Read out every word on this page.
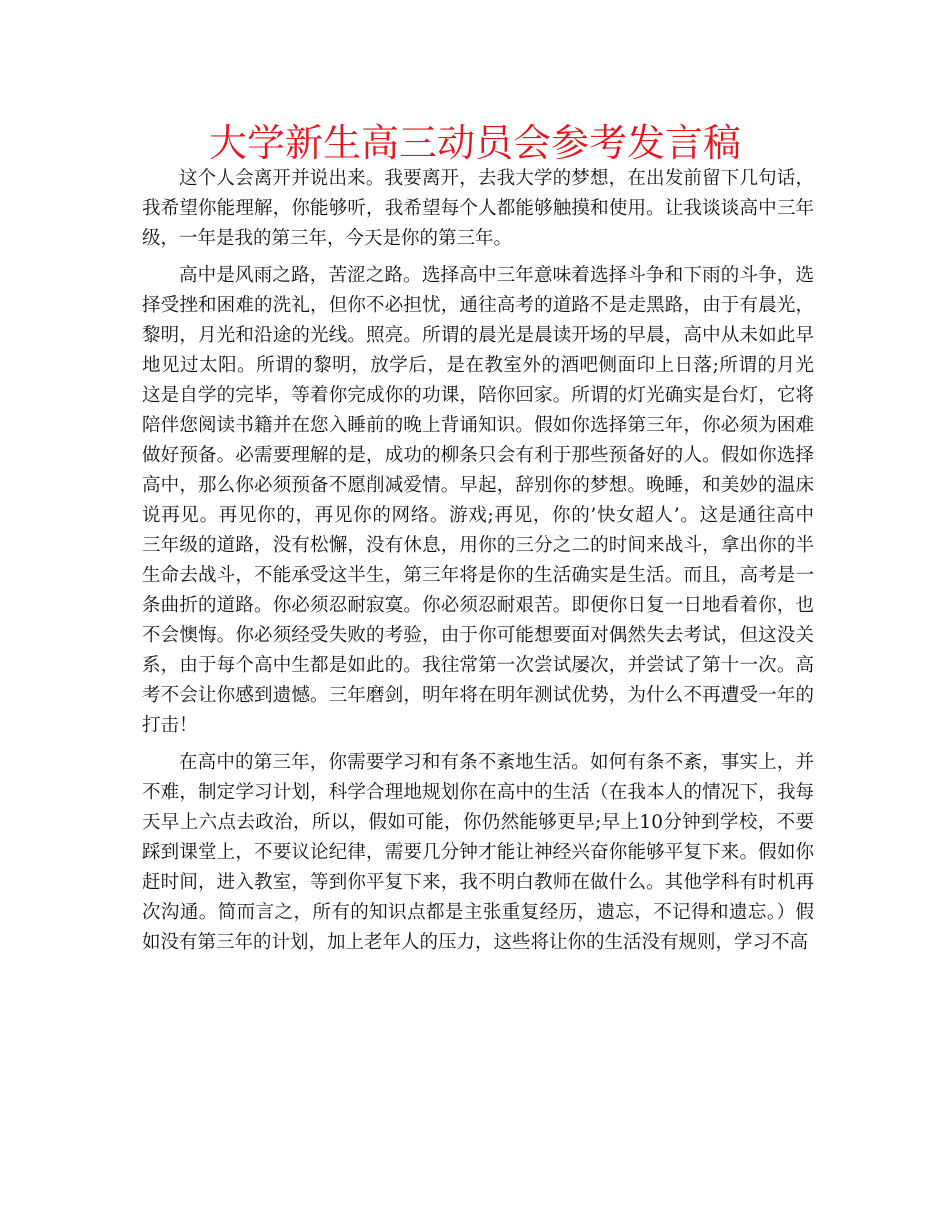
大学新生高三动员会参考发言稿
这个人会离开并说出来。我要离开，去我大学的梦想，在出发前留下几句话，
我希望你能理解，你能够听，我希望每个人都能够触摸和使用。让我谈谈高中三年
级，一年是我的第三年，今天是你的第三年。
高中是风雨之路，苦涩之路。选择高中三年意味着选择斗争和下雨的斗争，选
择受挫和困难的洗礼，但你不必担忧，通往高考的道路不是走黑路，由于有晨光，
黎明，月光和沿途的光线。照亮。所谓的晨光是晨读开场的早晨，高中从未如此早
地见过太阳。所谓的黎明，放学后，是在教室外的酒吧侧面印上日落;所谓的月光
这是自学的完毕，等着你完成你的功课，陪你回家。所谓的灯光确实是台灯，它将
陪伴您阅读书籍并在您入睡前的晚上背诵知识。假如你选择第三年，你必须为困难
做好预备。必需要理解的是，成功的柳条只会有利于那些预备好的人。假如你选择
高中，那么你必须预备不愿削减爱情。早起，辞别你的梦想。晚睡，和美妙的温床
说再见。再见你的，再见你的网络。游戏;再见，你的’快女超人’。这是通往高中
三年级的道路，没有松懈，没有休息，用你的三分之二的时间来战斗，拿出你的半
生命去战斗，不能承受这半生，第三年将是你的生活确实是生活。而且，高考是一
条曲折的道路。你必须忍耐寂寞。你必须忍耐艰苦。即便你日复一日地看着你，也
不会懊悔。你必须经受失败的考验，由于你可能想要面对偶然失去考试，但这没关
系，由于每个高中生都是如此的。我往常第一次尝试屡次，并尝试了第十一次。高
考不会让你感到遗憾。三年磨剑，明年将在明年测试优势，为什么不再遭受一年的
打击！
在高中的第三年，你需要学习和有条不紊地生活。如何有条不紊，事实上，并
不难，制定学习计划，科学合理地规划你在高中的生活（在我本人的情况下，我每
天早上六点去政治，所以，假如可能，你仍然能够更早;早上10分钟到学校，不要
踩到课堂上，不要议论纪律，需要几分钟才能让神经兴奋你能够平复下来。假如你
赶时间，进入教室，等到你平复下来，我不明白教师在做什么。其他学科有时机再
次沟通。简而言之，所有的知识点都是主张重复经历，遗忘，不记得和遗忘。）假
如没有第三年的计划，加上老年人的压力，这些将让你的生活没有规则，学习不高
